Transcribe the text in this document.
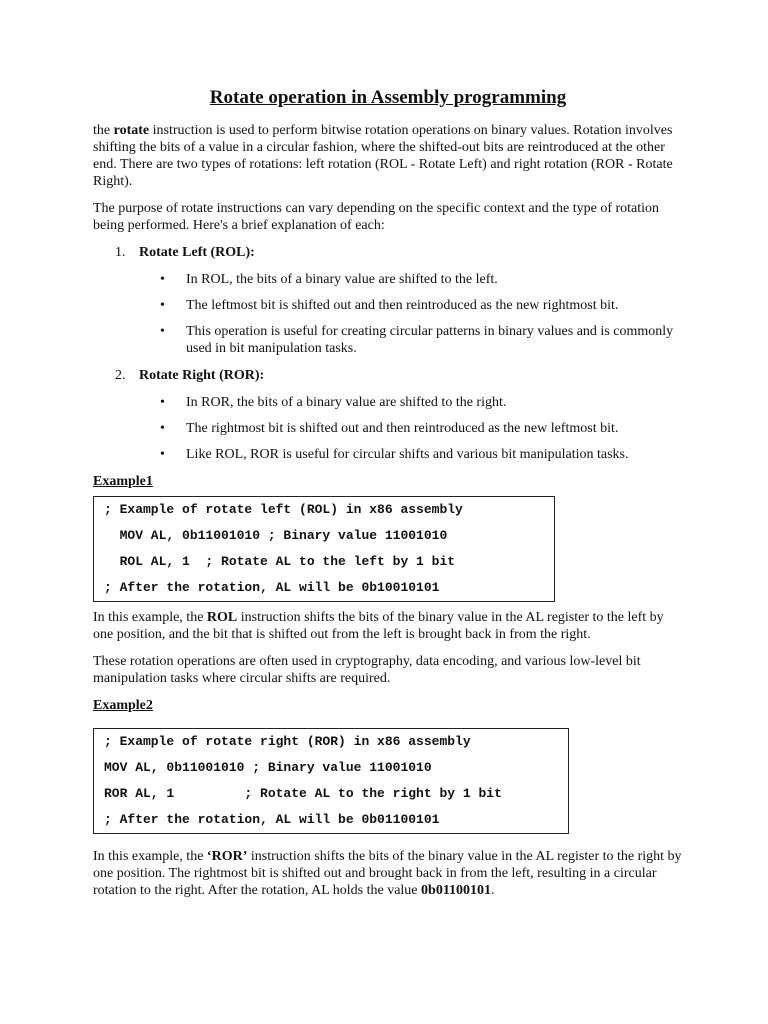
Rotate operation in Assembly programming

the rotate instruction is used to perform bitwise rotation operations on binary values. Rotation involves shifting the bits of a value in a circular fashion, where the shifted-out bits are reintroduced at the other end. There are two types of rotations: left rotation (ROL - Rotate Left) and right rotation (ROR - Rotate Right).

The purpose of rotate instructions can vary depending on the specific context and the type of rotation being performed. Here's a brief explanation of each:

1. Rotate Left (ROL):
• In ROL, the bits of a binary value are shifted to the left.
• The leftmost bit is shifted out and then reintroduced as the new rightmost bit.
• This operation is useful for creating circular patterns in binary values and is commonly used in bit manipulation tasks.
2. Rotate Right (ROR):
• In ROR, the bits of a binary value are shifted to the right.
• The rightmost bit is shifted out and then reintroduced as the new leftmost bit.
• Like ROL, ROR is useful for circular shifts and various bit manipulation tasks.
Example1
; Example of rotate left (ROL) in x86 assembly
MOV AL, 0b11001010 ; Binary value 11001010
ROL AL, 1  ; Rotate AL to the left by 1 bit
; After the rotation, AL will be 0b10010101

In this example, the ROL instruction shifts the bits of the binary value in the AL register to the left by one position, and the bit that is shifted out from the left is brought back in from the right.

These rotation operations are often used in cryptography, data encoding, and various low-level bit manipulation tasks where circular shifts are required.

Example2
; Example of rotate right (ROR) in x86 assembly
MOV AL, 0b11001010 ; Binary value 11001010
ROR AL, 1         ; Rotate AL to the right by 1 bit
; After the rotation, AL will be 0b01100101

In this example, the ‘ROR’ instruction shifts the bits of the binary value in the AL register to the right by one position. The rightmost bit is shifted out and brought back in from the left, resulting in a circular rotation to the right. After the rotation, AL holds the value 0b01100101.
